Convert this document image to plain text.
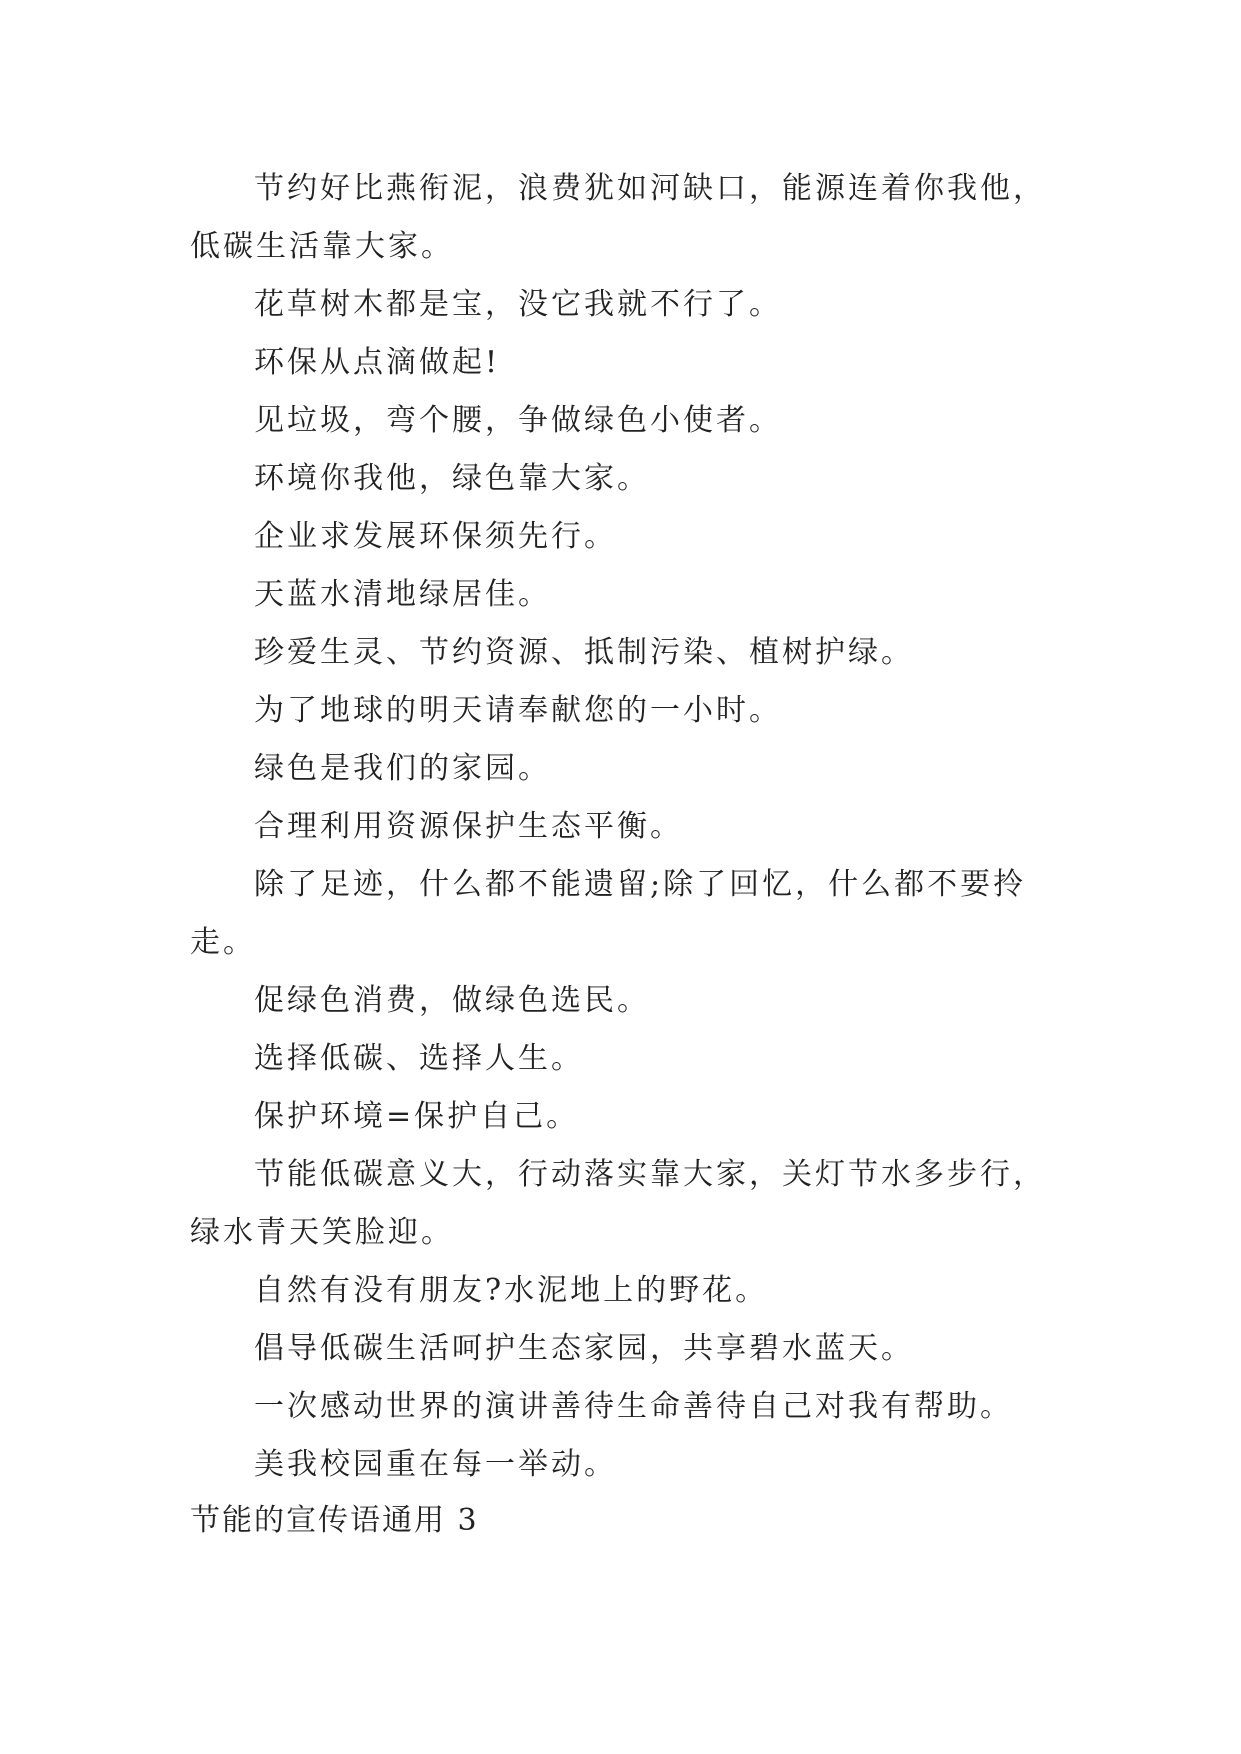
节约好比燕衔泥，浪费犹如河缺口，能源连着你我他，低碳生活靠大家。

花草树木都是宝，没它我就不行了。

环保从点滴做起!

见垃圾，弯个腰，争做绿色小使者。

环境你我他，绿色靠大家。

企业求发展环保须先行。

天蓝水清地绿居佳。

珍爱生灵、节约资源、抵制污染、植树护绿。

为了地球的明天请奉献您的一小时。

绿色是我们的家园。

合理利用资源保护生态平衡。

除了足迹，什么都不能遗留;除了回忆，什么都不要拎走。

促绿色消费，做绿色选民。

选择低碳、选择人生。

保护环境=保护自己。

节能低碳意义大，行动落实靠大家，关灯节水多步行，绿水青天笑脸迎。

自然有没有朋友?水泥地上的野花。

倡导低碳生活呵护生态家园，共享碧水蓝天。

一次感动世界的演讲善待生命善待自己对我有帮助。

美我校园重在每一举动。

节能的宣传语通用 3
